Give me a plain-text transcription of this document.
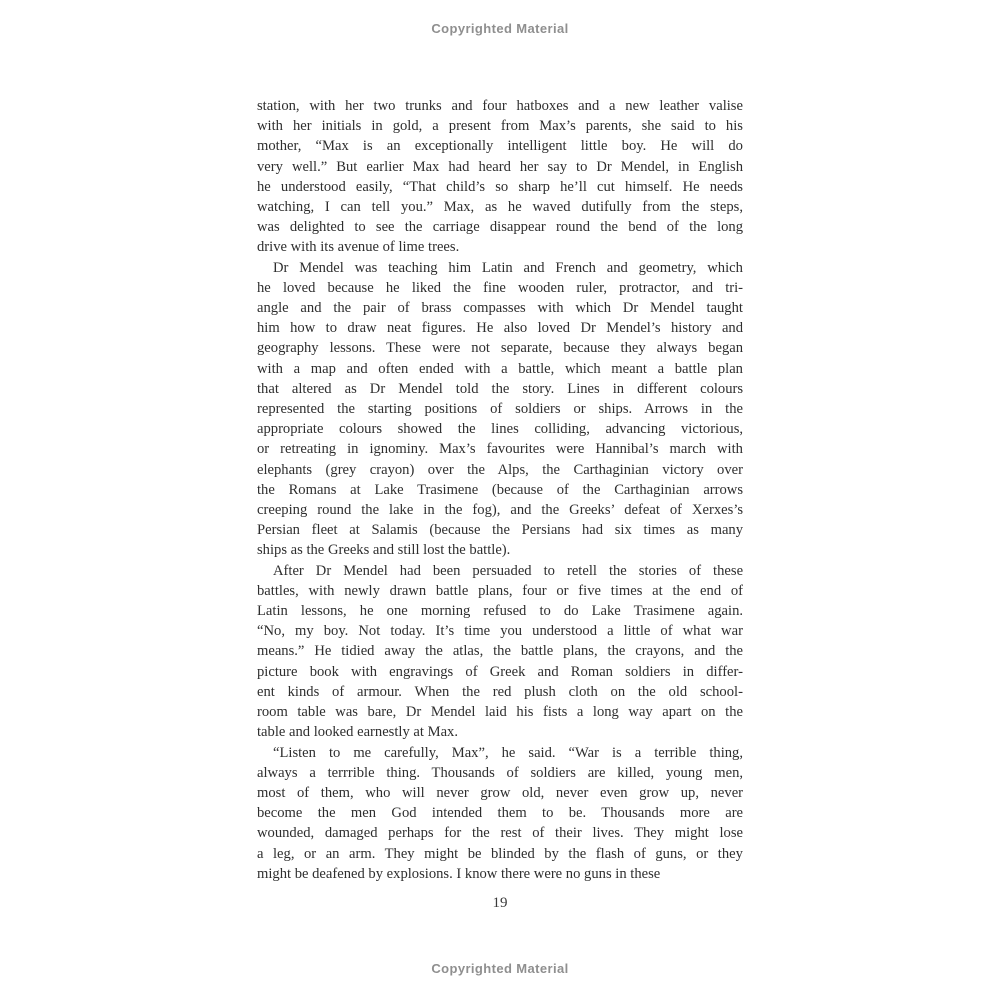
Copyrighted Material
station, with her two trunks and four hatboxes and a new leather valise
with her initials in gold, a present from Max’s parents, she said to his
mother, “Max is an exceptionally intelligent little boy. He will do
very well.” But earlier Max had heard her say to Dr Mendel, in English
he understood easily, “That child’s so sharp he’ll cut himself. He needs
watching, I can tell you.” Max, as he waved dutifully from the steps,
was delighted to see the carriage disappear round the bend of the long
drive with its avenue of lime trees.
Dr Mendel was teaching him Latin and French and geometry, which
he loved because he liked the fine wooden ruler, protractor, and tri-
angle and the pair of brass compasses with which Dr Mendel taught
him how to draw neat figures. He also loved Dr Mendel’s history and
geography lessons. These were not separate, because they always began
with a map and often ended with a battle, which meant a battle plan
that altered as Dr Mendel told the story. Lines in different colours
represented the starting positions of soldiers or ships. Arrows in the
appropriate colours showed the lines colliding, advancing victorious,
or retreating in ignominy. Max’s favourites were Hannibal’s march with
elephants (grey crayon) over the Alps, the Carthaginian victory over
the Romans at Lake Trasimene (because of the Carthaginian arrows
creeping round the lake in the fog), and the Greeks’ defeat of Xerxes’s
Persian fleet at Salamis (because the Persians had six times as many
ships as the Greeks and still lost the battle).
After Dr Mendel had been persuaded to retell the stories of these
battles, with newly drawn battle plans, four or five times at the end of
Latin lessons, he one morning refused to do Lake Trasimene again.
“No, my boy. Not today. It’s time you understood a little of what war
means.” He tidied away the atlas, the battle plans, the crayons, and the
picture book with engravings of Greek and Roman soldiers in differ-
ent kinds of armour. When the red plush cloth on the old school-
room table was bare, Dr Mendel laid his fists a long way apart on the
table and looked earnestly at Max.
“Listen to me carefully, Max”, he said. “War is a terrible thing,
always a terrrible thing. Thousands of soldiers are killed, young men,
most of them, who will never grow old, never even grow up, never
become the men God intended them to be. Thousands more are
wounded, damaged perhaps for the rest of their lives. They might lose
a leg, or an arm. They might be blinded by the flash of guns, or they
might be deafened by explosions. I know there were no guns in these
19
Copyrighted Material
